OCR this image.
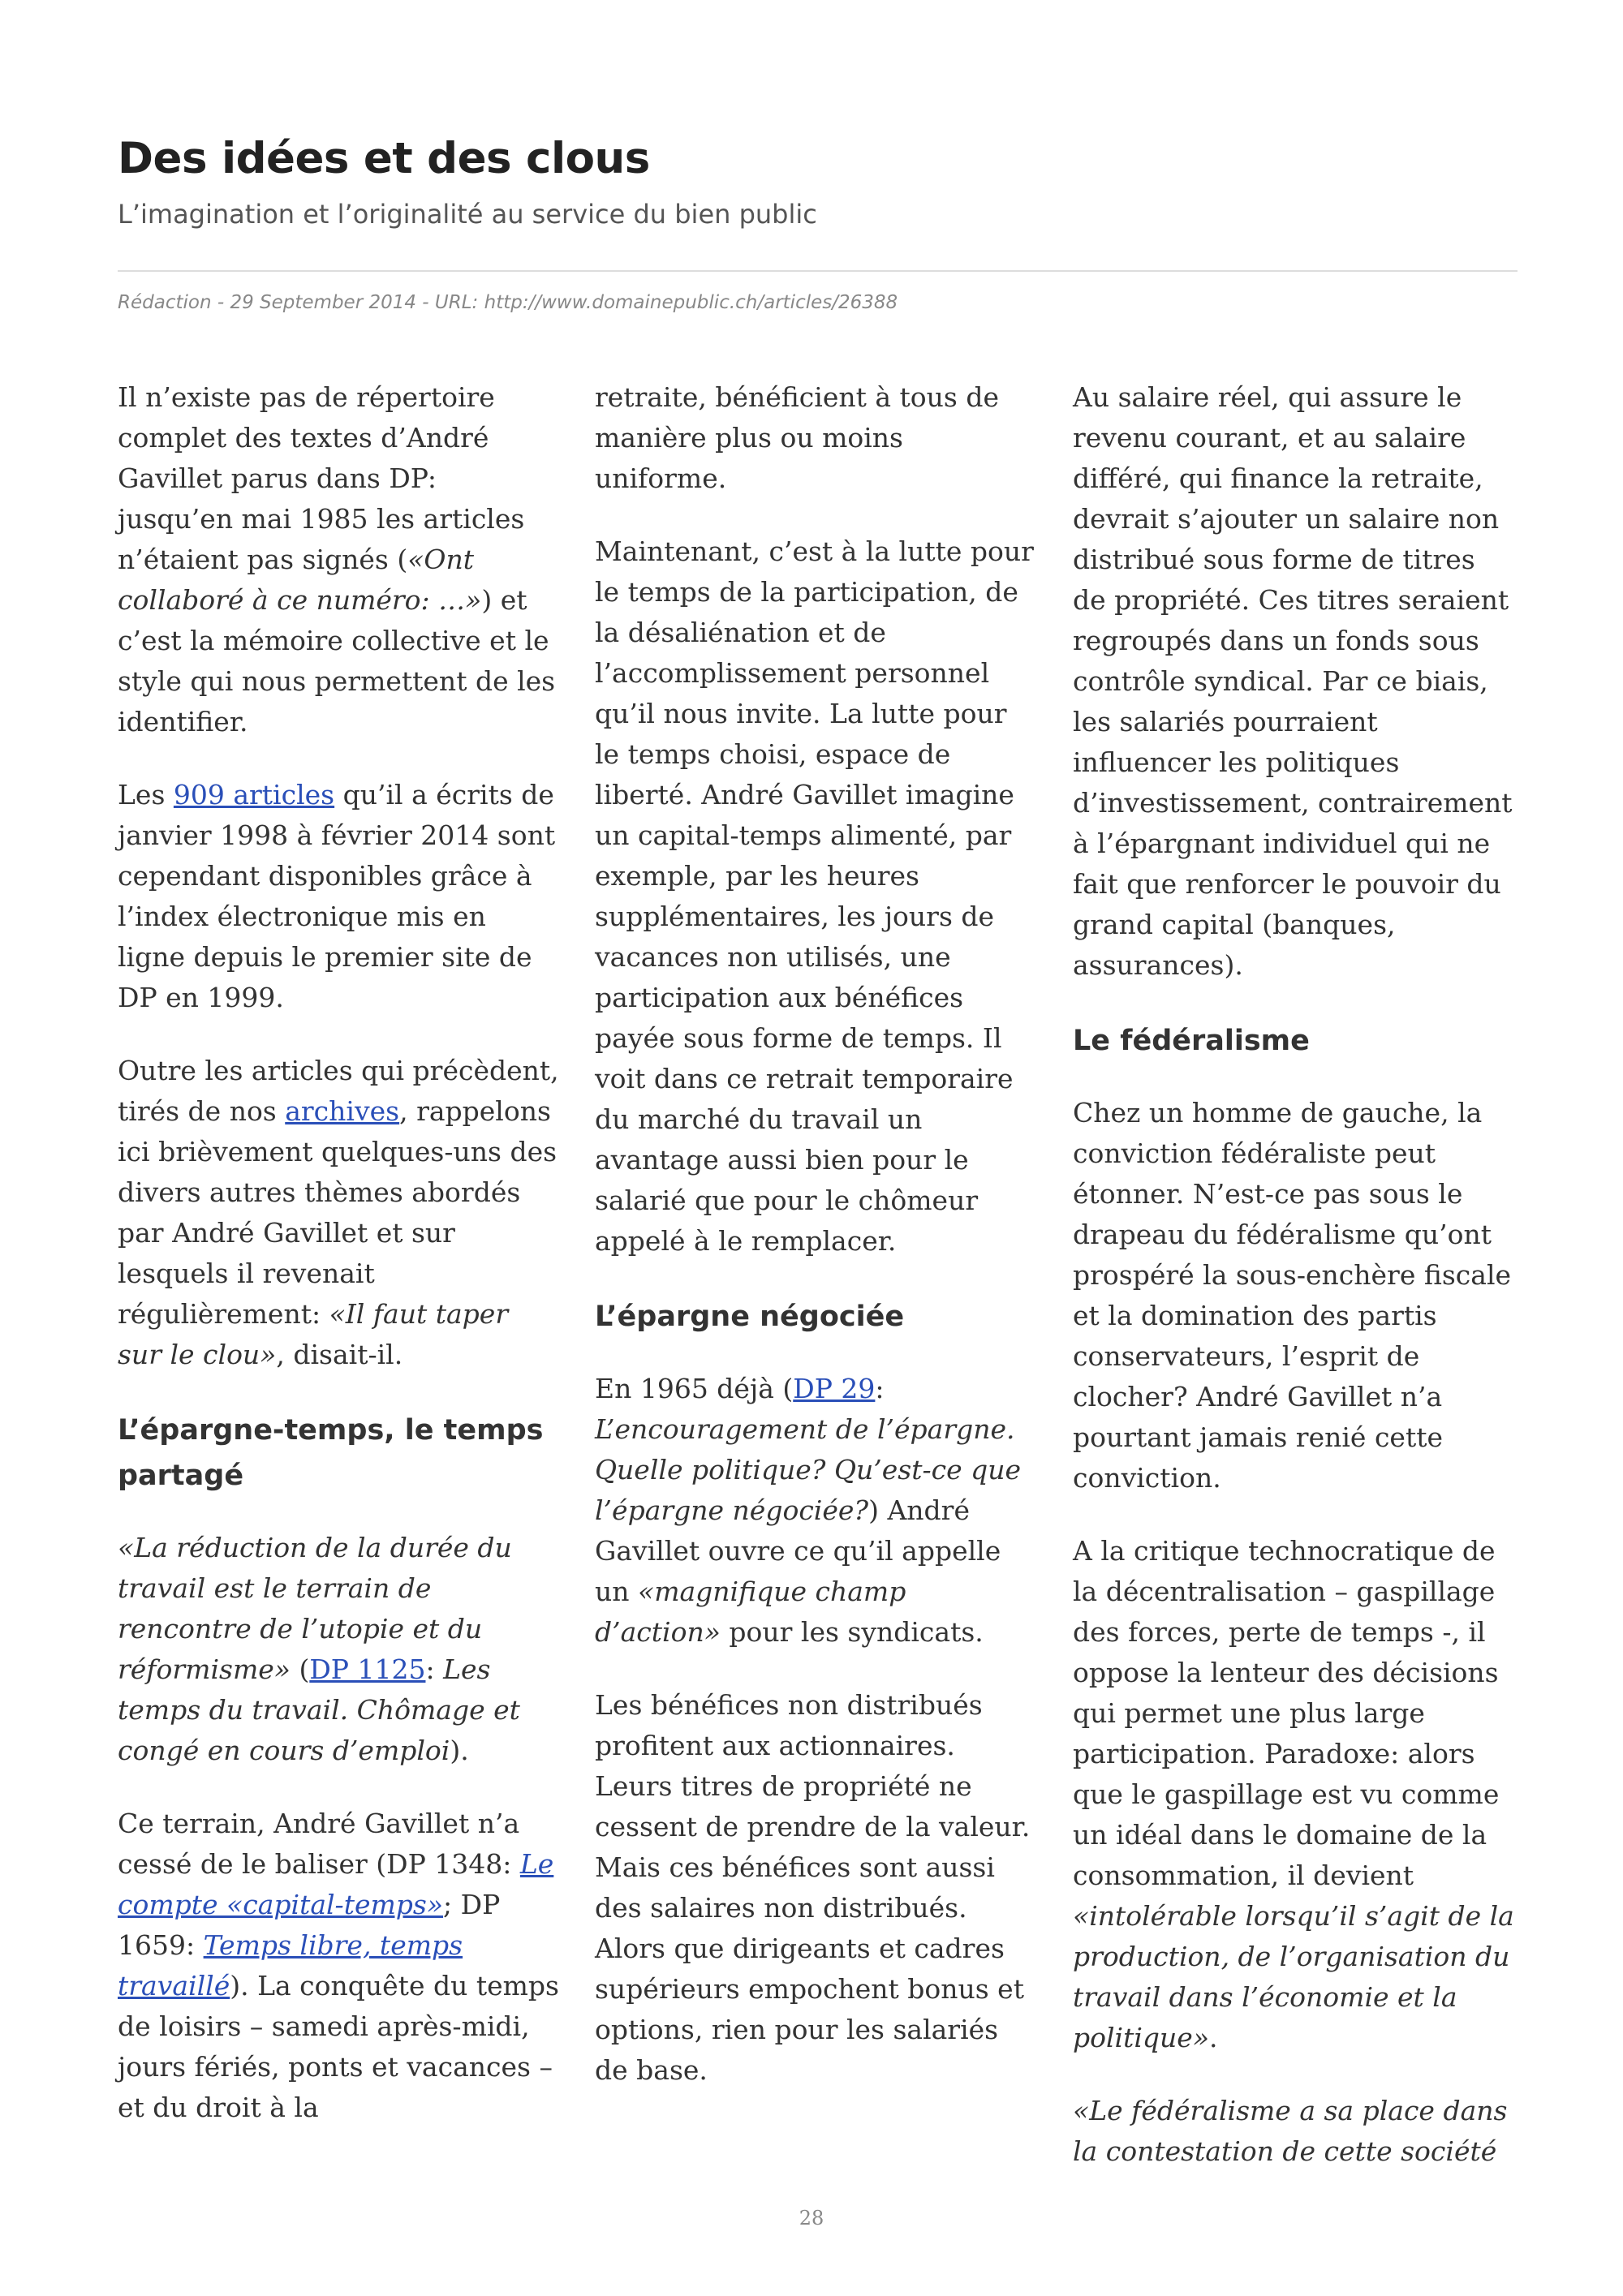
Des idées et des clous
L’imagination et l’originalité au service du bien public
Rédaction - 29 September 2014 - URL: http://www.domainepublic.ch/articles/26388

Il n’existe pas de répertoire complet des textes d’André Gavillet parus dans DP: jusqu’en mai 1985 les articles n’étaient pas signés («Ont collaboré à ce numéro: …») et c’est la mémoire collective et le style qui nous permettent de les identifier.

Les 909 articles qu’il a écrits de janvier 1998 à février 2014 sont cependant disponibles grâce à l’index électronique mis en ligne depuis le premier site de DP en 1999.

Outre les articles qui précèdent, tirés de nos archives, rappelons ici brièvement quelques-uns des divers autres thèmes abordés par André Gavillet et sur lesquels il revenait régulièrement: «Il faut taper sur le clou», disait-il.

L’épargne-temps, le temps partagé

«La réduction de la durée du travail est le terrain de rencontre de l’utopie et du réformisme» (DP 1125: Les temps du travail. Chômage et congé en cours d’emploi).

Ce terrain, André Gavillet n’a cessé de le baliser (DP 1348: Le compte «capital-temps»; DP 1659: Temps libre, temps travaillé). La conquête du temps de loisirs – samedi après-midi, jours fériés, ponts et vacances – et du droit à la

retraite, bénéficient à tous de manière plus ou moins uniforme.

Maintenant, c’est à la lutte pour le temps de la participation, de la désaliénation et de l’accomplissement personnel qu’il nous invite. La lutte pour le temps choisi, espace de liberté. André Gavillet imagine un capital-temps alimenté, par exemple, par les heures supplémentaires, les jours de vacances non utilisés, une participation aux bénéfices payée sous forme de temps. Il voit dans ce retrait temporaire du marché du travail un avantage aussi bien pour le salarié que pour le chômeur appelé à le remplacer.

L’épargne négociée

En 1965 déjà (DP 29: L’encouragement de l’épargne. Quelle politique? Qu’est-ce que l’épargne négociée?) André Gavillet ouvre ce qu’il appelle un «magnifique champ d’action» pour les syndicats.

Les bénéfices non distribués profitent aux actionnaires. Leurs titres de propriété ne cessent de prendre de la valeur. Mais ces bénéfices sont aussi des salaires non distribués. Alors que dirigeants et cadres supérieurs empochent bonus et options, rien pour les salariés de base.

Au salaire réel, qui assure le revenu courant, et au salaire différé, qui finance la retraite, devrait s’ajouter un salaire non distribué sous forme de titres de propriété. Ces titres seraient regroupés dans un fonds sous contrôle syndical. Par ce biais, les salariés pourraient influencer les politiques d’investissement, contrairement à l’épargnant individuel qui ne fait que renforcer le pouvoir du grand capital (banques, assurances).

Le fédéralisme

Chez un homme de gauche, la conviction fédéraliste peut étonner. N’est-ce pas sous le drapeau du fédéralisme qu’ont prospéré la sous-enchère fiscale et la domination des partis conservateurs, l’esprit de clocher? André Gavillet n’a pourtant jamais renié cette conviction.

A la critique technocratique de la décentralisation – gaspillage des forces, perte de temps -, il oppose la lenteur des décisions qui permet une plus large participation. Paradoxe: alors que le gaspillage est vu comme un idéal dans le domaine de la consommation, il devient «intolérable lorsqu’il s’agit de la production, de l’organisation du travail dans l’économie et la politique».

«Le fédéralisme a sa place dans la contestation de cette société

28
